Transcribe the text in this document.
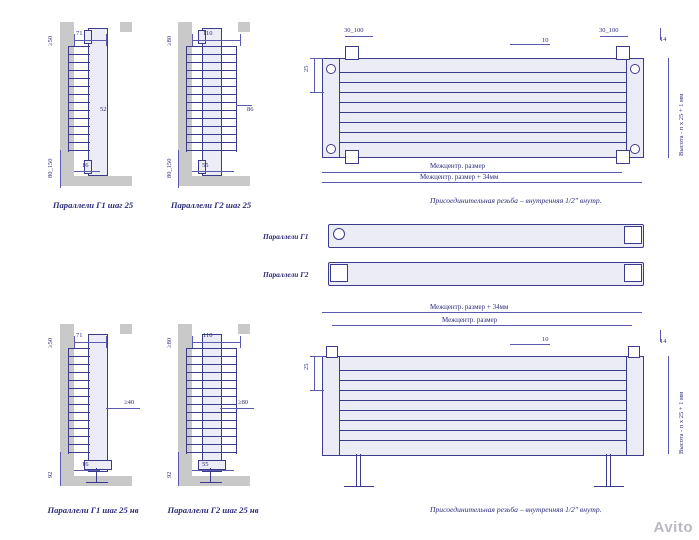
71
52
16
≥50
80_150
Параллели Г1 шаг 25
110
86
55
≥80
80_150
Параллели Г2 шаг 25
30_100	30_100
10
25
14
Высота - n x 25 + 1 мм
Межцентр. размер
Межцентр. размер + 34мм
Присоединительная резьба – внутренняя 1/2" внутр.
Параллели Г1
Параллели Г2
71
≥40
16
≥50
92
Параллели Г1 шаг 25 нв
110
≥80
55
≥80
92
Параллели Г2 шаг 25 нв
Межцентр. размер + 34мм
Межцентр. размер
10
25
14
Высота - n x 25 + 1 мм
Присоединительная резьба – внутренняя 1/2" внутр.
Avito
